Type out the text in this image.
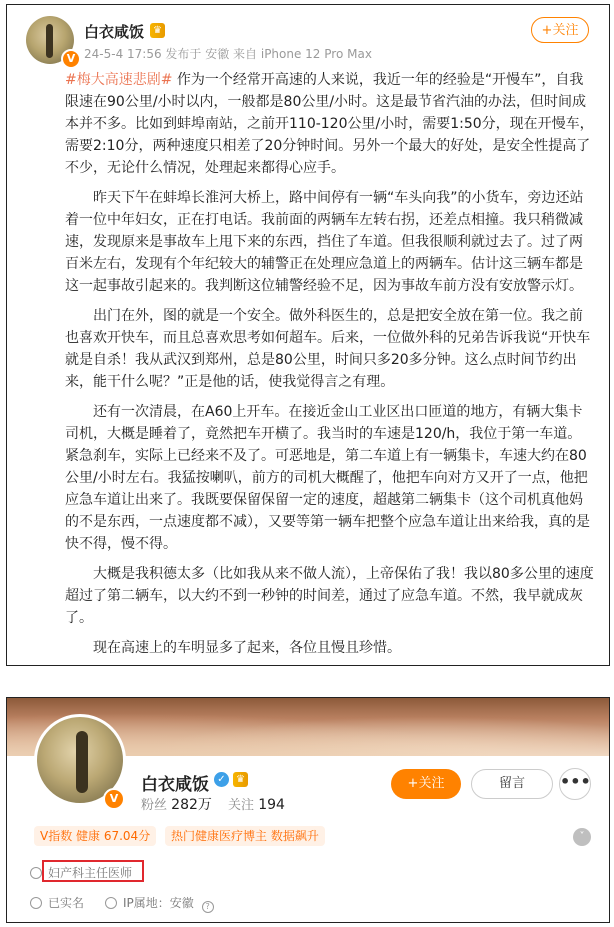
V
白衣咸饭 ♛
24-5-4 17:56 发布于 安徽 来自 iPhone 12 Pro Max
+关注

#梅大高速悲剧# 作为一个经常开高速的人来说，我近一年的经验是“开慢车”，自我限速在90公里/小时以内，一般都是80公里/小时。这是最节省汽油的办法，但时间成本并不多。比如到蚌埠南站，之前开110-120公里/小时，需要1:50分，现在开慢车，需要2:10分，两种速度只相差了20分钟时间。另外一个最大的好处，是安全性提高了不少，无论什么情况，处理起来都得心应手。

昨天下午在蚌埠长淮河大桥上，路中间停有一辆“车头向我”的小货车，旁边还站着一位中年妇女，正在打电话。我前面的两辆车左转右拐，还差点相撞。我只稍微减速，发现原来是事故车上甩下来的东西，挡住了车道。但我很顺利就过去了。过了两百米左右，发现有个年纪较大的辅警正在处理应急道上的两辆车。估计这三辆车都是这一起事故引起来的。我判断这位辅警经验不足，因为事故车前方没有安放警示灯。

出门在外，图的就是一个安全。做外科医生的，总是把安全放在第一位。我之前也喜欢开快车，而且总喜欢思考如何超车。后来，一位做外科的兄弟告诉我说“开快车就是自杀！我从武汉到郑州，总是80公里，时间只多20多分钟。这么点时间节约出来，能干什么呢？”正是他的话，使我觉得言之有理。

还有一次清晨，在A60上开车。在接近金山工业区出口匝道的地方，有辆大集卡司机，大概是睡着了，竟然把车开横了。我当时的车速是120/h，我位于第一车道。紧急刹车，实际上已经来不及了。可恶地是，第二车道上有一辆集卡，车速大约在80公里/小时左右。我猛按喇叭，前方的司机大概醒了，他把车向对方又开了一点，他把应急车道让出来了。我既要保留保留一定的速度，超越第二辆集卡（这个司机真他妈的不是东西，一点速度都不减），又要等第一辆车把整个应急车道让出来给我，真的是快不得，慢不得。

大概是我积德太多（比如我从来不做人流），上帝保佑了我！我以80多公里的速度超过了第二辆车，以大约不到一秒钟的时间差，通过了应急车道。不然，我早就成灰了。

现在高速上的车明显多了起来，各位且慢且珍惜。

V
白衣咸饭 ✓	♛
粉丝 282万 关注 194
+关注	留言	•••
V指数 健康 67.04分	热门健康医疗博主 数据飙升	˅
妇产科主任医师
已实名	IP属地：安徽 ?
